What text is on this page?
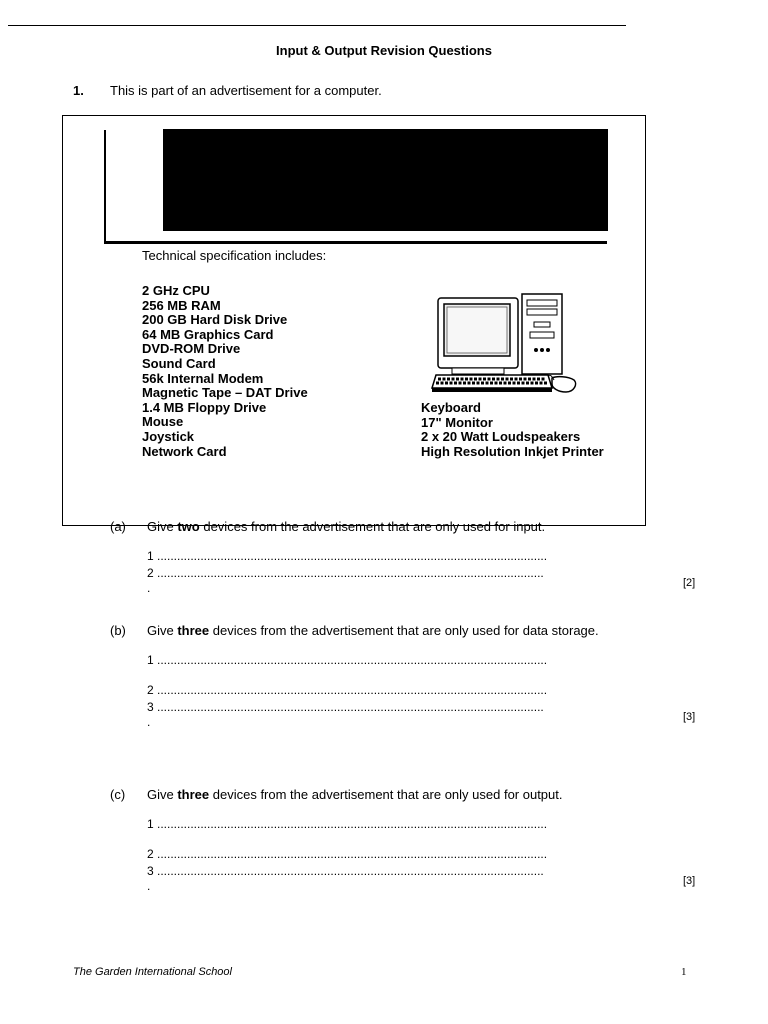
Input & Output Revision Questions
1. This is part of an advertisement for a computer.
Technical specification includes:
2 GHz CPU
256 MB RAM
200 GB Hard Disk Drive
64 MB Graphics Card
DVD-ROM Drive
Sound Card
56k Internal Modem
Magnetic Tape – DAT Drive
1.4 MB Floppy Drive
Mouse
Joystick
Network Card
Keyboard
17" Monitor
2 x 20 Watt Loudspeakers
High Resolution Inkjet Printer
(a) Give two devices from the advertisement that are only used for input.
1 .....................................................................................................................
2 ....................................................................................................................
.	[2]
(b) Give three devices from the advertisement that are only used for data storage.
1 .....................................................................................................................
2 .....................................................................................................................
3 ....................................................................................................................
.	[3]
(c) Give three devices from the advertisement that are only used for output.
1 .....................................................................................................................
2 .....................................................................................................................
3 ....................................................................................................................
.	[3]
The Garden International School	1
